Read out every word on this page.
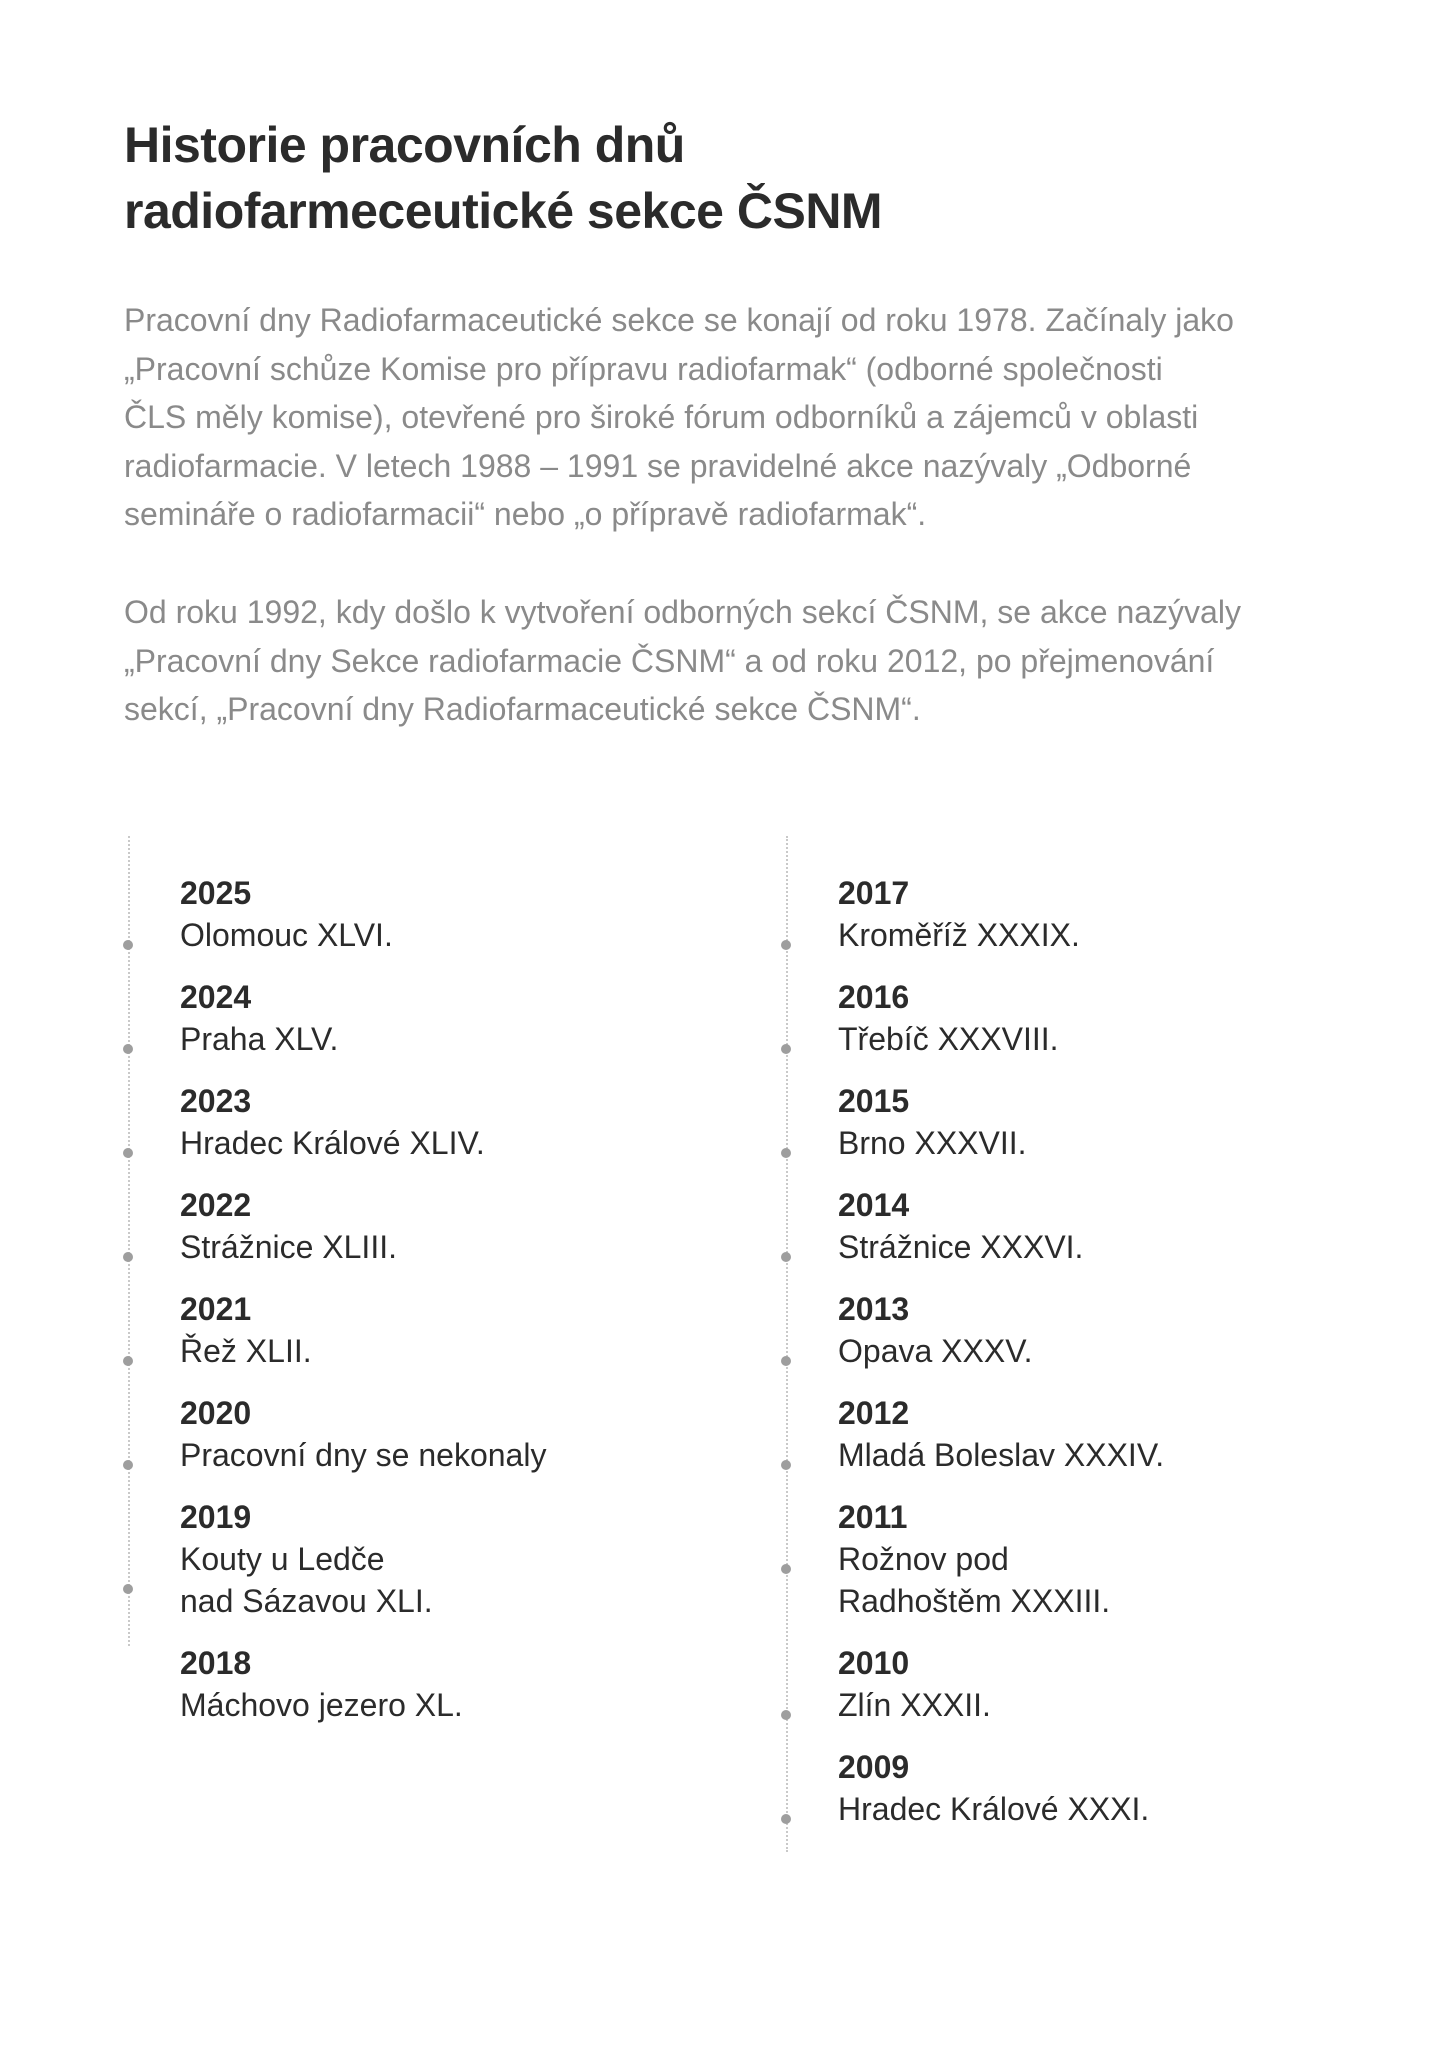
Historie pracovních dnů
radiofarmeceutické sekce ČSNM

Pracovní dny Radiofarmaceutické sekce se konají od roku 1978. Začínaly jako
„Pracovní schůze Komise pro přípravu radiofarmak“ (odborné společnosti
ČLS měly komise), otevřené pro široké fórum odborníků a zájemců v oblasti
radiofarmacie. V letech 1988 – 1991 se pravidelné akce nazývaly „Odborné
semináře o radiofarmacii“ nebo „o přípravě radiofarmak“.

Od roku 1992, kdy došlo k vytvoření odborných sekcí ČSNM, se akce nazývaly
„Pracovní dny Sekce radiofarmacie ČSNM“ a od roku 2012, po přejmenování
sekcí, „Pracovní dny Radiofarmaceutické sekce ČSNM“.

2025
Olomouc XLVI.
2024
Praha XLV.
2023
Hradec Králové XLIV.
2022
Strážnice XLIII.
2021
Řež XLII.
2020
Pracovní dny se nekonaly
2019
Kouty u Ledče
nad Sázavou XLI.
2018
Máchovo jezero XL.
2017
Kroměříž XXXIX.
2016
Třebíč XXXVIII.
2015
Brno XXXVII.
2014
Strážnice XXXVI.
2013
Opava XXXV.
2012
Mladá Boleslav XXXIV.
2011
Rožnov pod
Radhoštěm XXXIII.
2010
Zlín XXXII.
2009
Hradec Králové XXXI.
